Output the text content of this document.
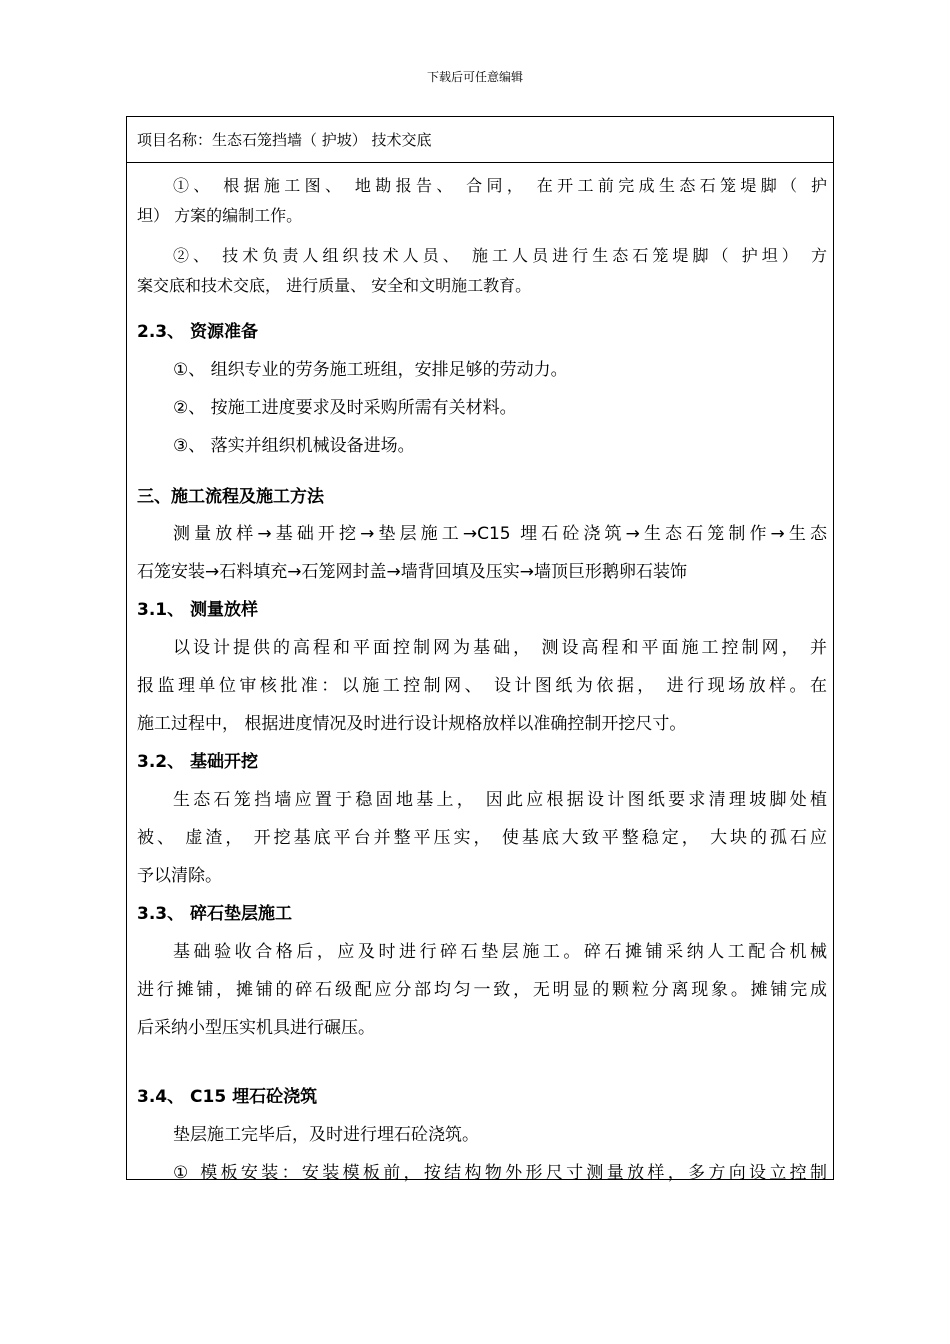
下载后可任意编辑
项目名称：生态石笼挡墙（ 护坡） 技术交底
①、 根据施工图、 地勘报告、 合同， 在开工前完成生态石笼堤脚（ 护
坦） 方案的编制工作。
②、 技术负责人组织技术人员、 施工人员进行生态石笼堤脚（ 护坦） 方
案交底和技术交底， 进行质量、 安全和文明施工教育。
2.3、 资源准备
①、 组织专业的劳务施工班组，安排足够的劳动力。
②、 按施工进度要求及时采购所需有关材料。
③、 落实并组织机械设备进场。
三、施工流程及施工方法
测量放样→基础开挖→垫层施工→C15 埋石砼浇筑→生态石笼制作→生态
石笼安装→石料填充→石笼网封盖→墙背回填及压实→墙顶巨形鹅卵石装饰
3.1、 测量放样
以设计提供的高程和平面控制网为基础， 测设高程和平面施工控制网， 并
报监理单位审核批准：以施工控制网、 设计图纸为依据， 进行现场放样。在
施工过程中， 根据进度情况及时进行设计规格放样以准确控制开挖尺寸。
3.2、 基础开挖
生态石笼挡墙应置于稳固地基上， 因此应根据设计图纸要求清理坡脚处植
被、 虚渣， 开挖基底平台并整平压实， 使基底大致平整稳定， 大块的孤石应
予以清除。
3.3、 碎石垫层施工
基础验收合格后，应及时进行碎石垫层施工。碎石摊铺采纳人工配合机械
进行摊铺，摊铺的碎石级配应分部均匀一致，无明显的颗粒分离现象。摊铺完成
后采纳小型压实机具进行碾压。
3.4、 C15 埋石砼浇筑
垫层施工完毕后，及时进行埋石砼浇筑。
① 模板安装：安装模板前，按结构物外形尺寸测量放样，多方向设立控制
